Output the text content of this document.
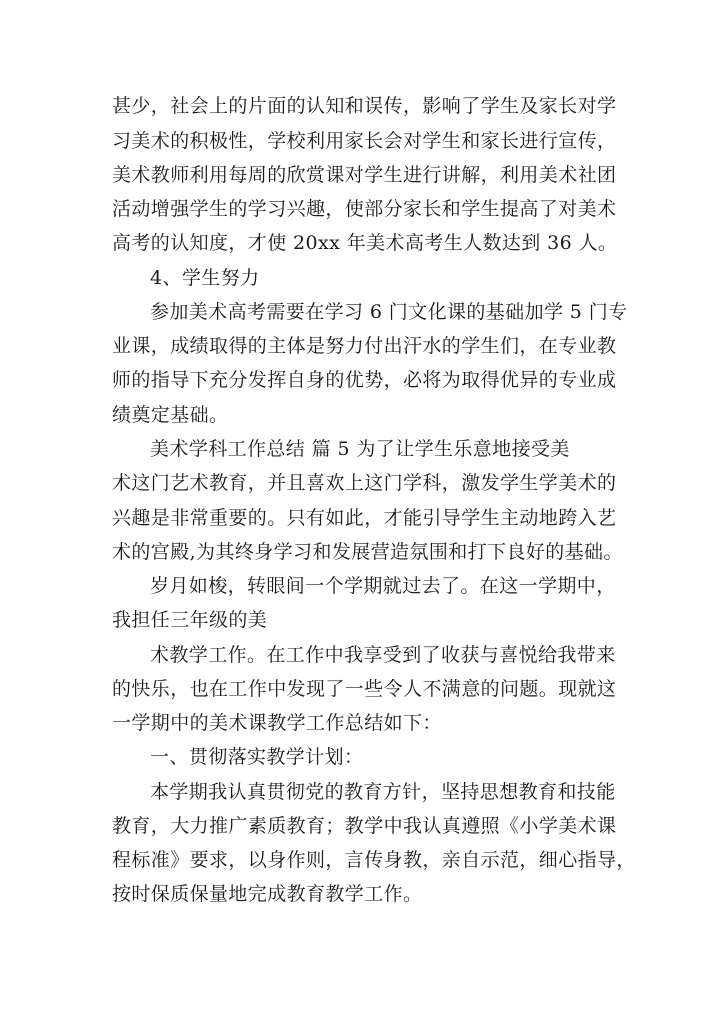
甚少，社会上的片面的认知和误传，影响了学生及家长对学
习美术的积极性，学校利用家长会对学生和家长进行宣传，
美术教师利用每周的欣赏课对学生进行讲解，利用美术社团
活动增强学生的学习兴趣，使部分家长和学生提高了对美术
高考的认知度，才使 20xx 年美术高考生人数达到 36 人。
4、学生努力
参加美术高考需要在学习 6 门文化课的基础加学 5 门专
业课，成绩取得的主体是努力付出汗水的学生们，在专业教
师的指导下充分发挥自身的优势，必将为取得优异的专业成
绩奠定基础。
美术学科工作总结 篇 5 为了让学生乐意地接受美
术这门艺术教育，并且喜欢上这门学科，激发学生学美术的
兴趣是非常重要的。只有如此，才能引导学生主动地跨入艺
术的宫殿,为其终身学习和发展营造氛围和打下良好的基础。
岁月如梭，转眼间一个学期就过去了。在这一学期中，
我担任三年级的美
术教学工作。在工作中我享受到了收获与喜悦给我带来
的快乐，也在工作中发现了一些令人不满意的问题。现就这
一学期中的美术课教学工作总结如下：
一、贯彻落实教学计划：
本学期我认真贯彻党的教育方针，坚持思想教育和技能
教育，大力推广素质教育；教学中我认真遵照《小学美术课
程标准》要求，以身作则，言传身教，亲自示范，细心指导，
按时保质保量地完成教育教学工作。
